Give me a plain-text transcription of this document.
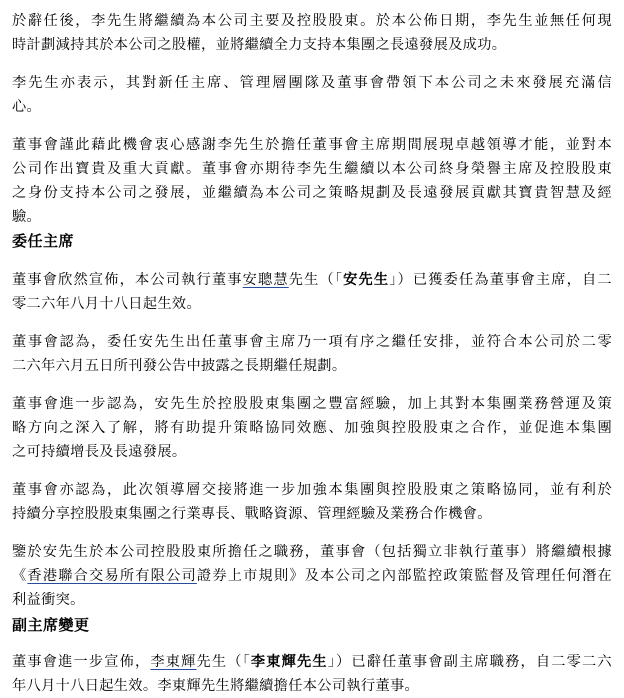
於辭任後，李先生將繼續為本公司主要及控股股東。於本公佈日期，李先生並無任何現
時計劃減持其於本公司之股權，並將繼續全力支持本集團之長遠發展及成功。
李先生亦表示，其對新任主席、管理層團隊及董事會帶領下本公司之未來發展充滿信
心。
董事會謹此藉此機會衷心感謝李先生於擔任董事會主席期間展現卓越領導才能，並對本
公司作出寶貴及重大貢獻。董事會亦期待李先生繼續以本公司終身榮譽主席及控股股東
之身份支持本公司之發展，並繼續為本公司之策略規劃及長遠發展貢獻其寶貴智慧及經
驗。
委任主席
董事會欣然宣佈，本公司執行董事安聰慧先生（「安先生」）已獲委任為董事會主席，自二
零二六年八月十八日起生效。
董事會認為，委任安先生出任董事會主席乃一項有序之繼任安排，並符合本公司於二零
二六年六月五日所刊發公告中披露之長期繼任規劃。
董事會進一步認為，安先生於控股股東集團之豐富經驗，加上其對本集團業務營運及策
略方向之深入了解，將有助提升策略協同效應、加強與控股股東之合作，並促進本集團
之可持續增長及長遠發展。
董事會亦認為，此次領導層交接將進一步加強本集團與控股股東之策略協同，並有利於
持續分享控股股東集團之行業專長、戰略資源、管理經驗及業務合作機會。
鑒於安先生於本公司控股股東所擔任之職務，董事會（包括獨立非執行董事）將繼續根據
《香港聯合交易所有限公司證券上市規則》及本公司之內部監控政策監督及管理任何潛在
利益衝突。
副主席變更
董事會進一步宣佈，李東輝先生（「李東輝先生」）已辭任董事會副主席職務，自二零二六
年八月十八日起生效。李東輝先生將繼續擔任本公司執行董事。
